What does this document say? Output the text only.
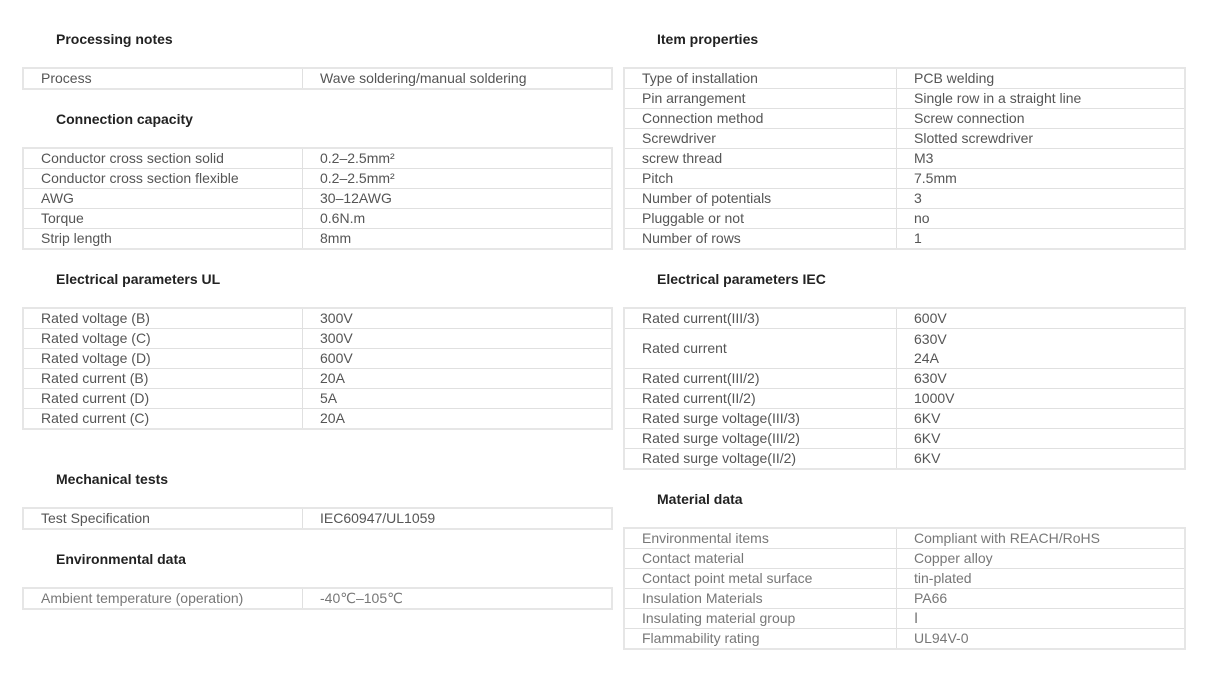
Processing notes
Process	Wave soldering/manual soldering
Connection capacity
Conductor cross section solid	0.2–2.5mm²
Conductor cross section flexible	0.2–2.5mm²
AWG	30–12AWG
Torque	0.6N.m
Strip length	8mm
Electrical parameters UL
Rated voltage (B)	300V
Rated voltage (C)	300V
Rated voltage (D)	600V
Rated current (B)	20A
Rated current (D)	5A
Rated current (C)	20A
Mechanical tests
Test Specification	IEC60947/UL1059
Environmental data
Ambient temperature (operation)	-40℃–105℃
Item properties
Type of installation	PCB welding
Pin arrangement	Single row in a straight line
Connection method	Screw connection
Screwdriver	Slotted screwdriver
screw thread	M3
Pitch	7.5mm
Number of potentials	3
Pluggable or not	no
Number of rows	1
Electrical parameters IEC
Rated current(III/3)	600V
Rated current	630V
24A

Rated current(III/2)	630V
Rated current(II/2)	1000V
Rated surge voltage(III/3)	6KV
Rated surge voltage(III/2)	6KV
Rated surge voltage(II/2)	6KV
Material data
Environmental items	Compliant with REACH/RoHS
Contact material	Copper alloy
Contact point metal surface	tin-plated
Insulation Materials	PA66
Insulating material group	Ⅰ
Flammability rating	UL94V-0
